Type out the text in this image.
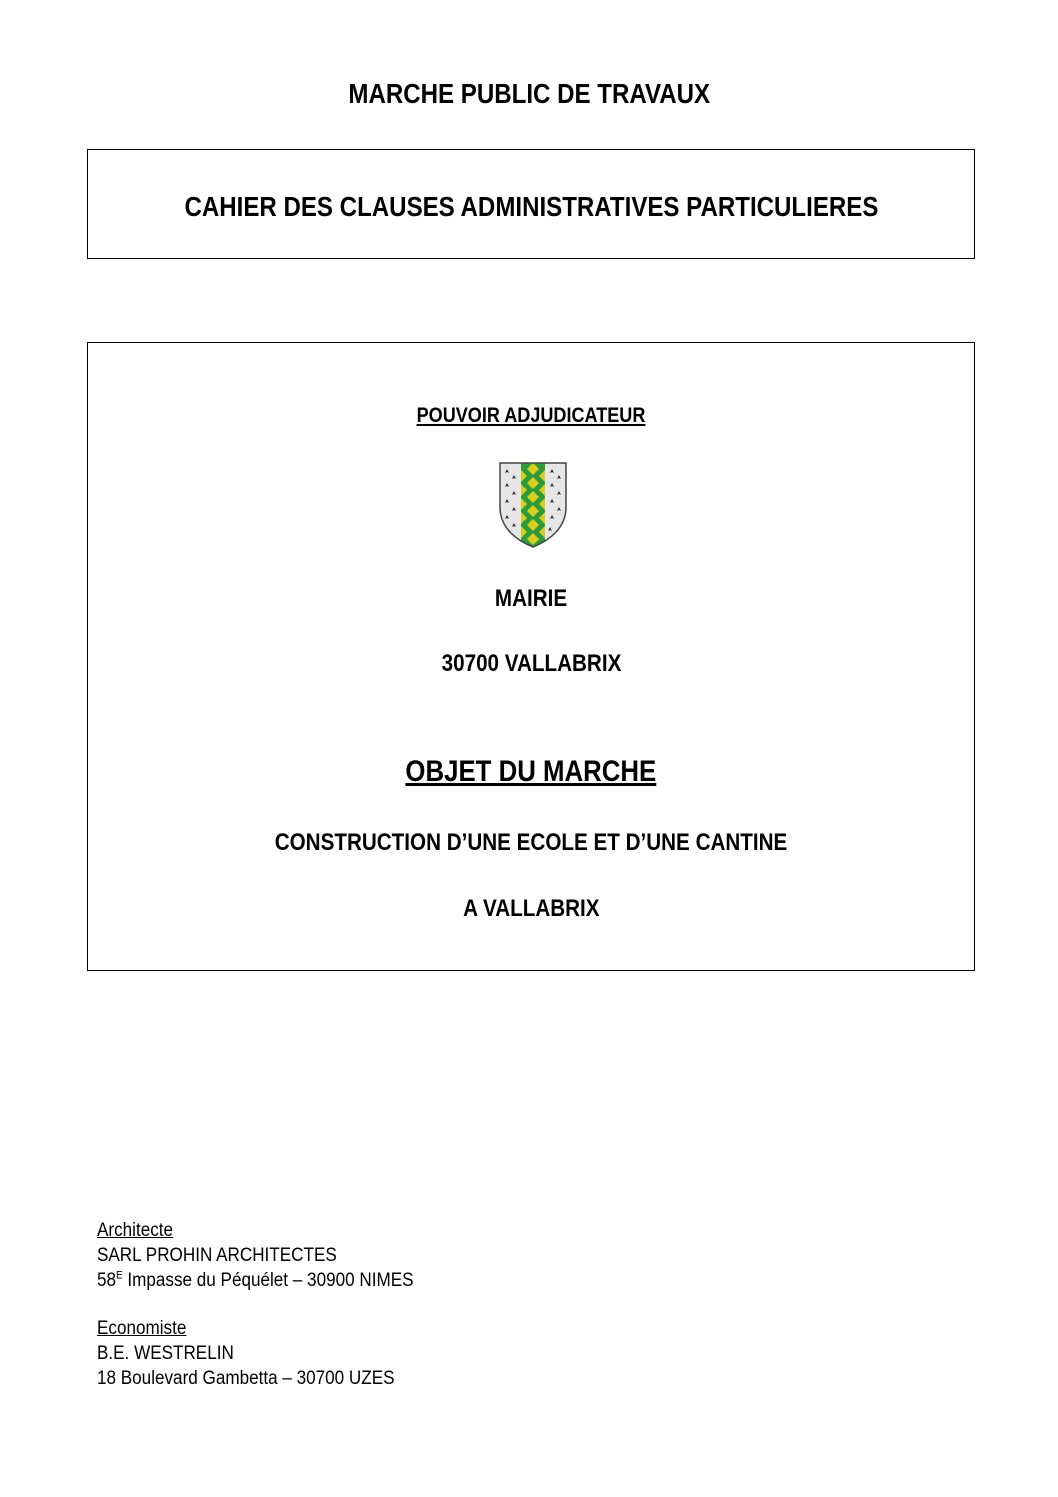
MARCHE PUBLIC DE TRAVAUX
CAHIER DES CLAUSES ADMINISTRATIVES PARTICULIERES
POUVOIR ADJUDICATEUR
MAIRIE
30700 VALLABRIX
OBJET DU MARCHE
CONSTRUCTION D’UNE ECOLE ET D’UNE CANTINE
A VALLABRIX
Architecte
SARL PROHIN ARCHITECTES
$58^E$ Impasse du Péquélet – 30900 NIMES
Economiste
B.E. WESTRELIN
18 Boulevard Gambetta – 30700 UZES
